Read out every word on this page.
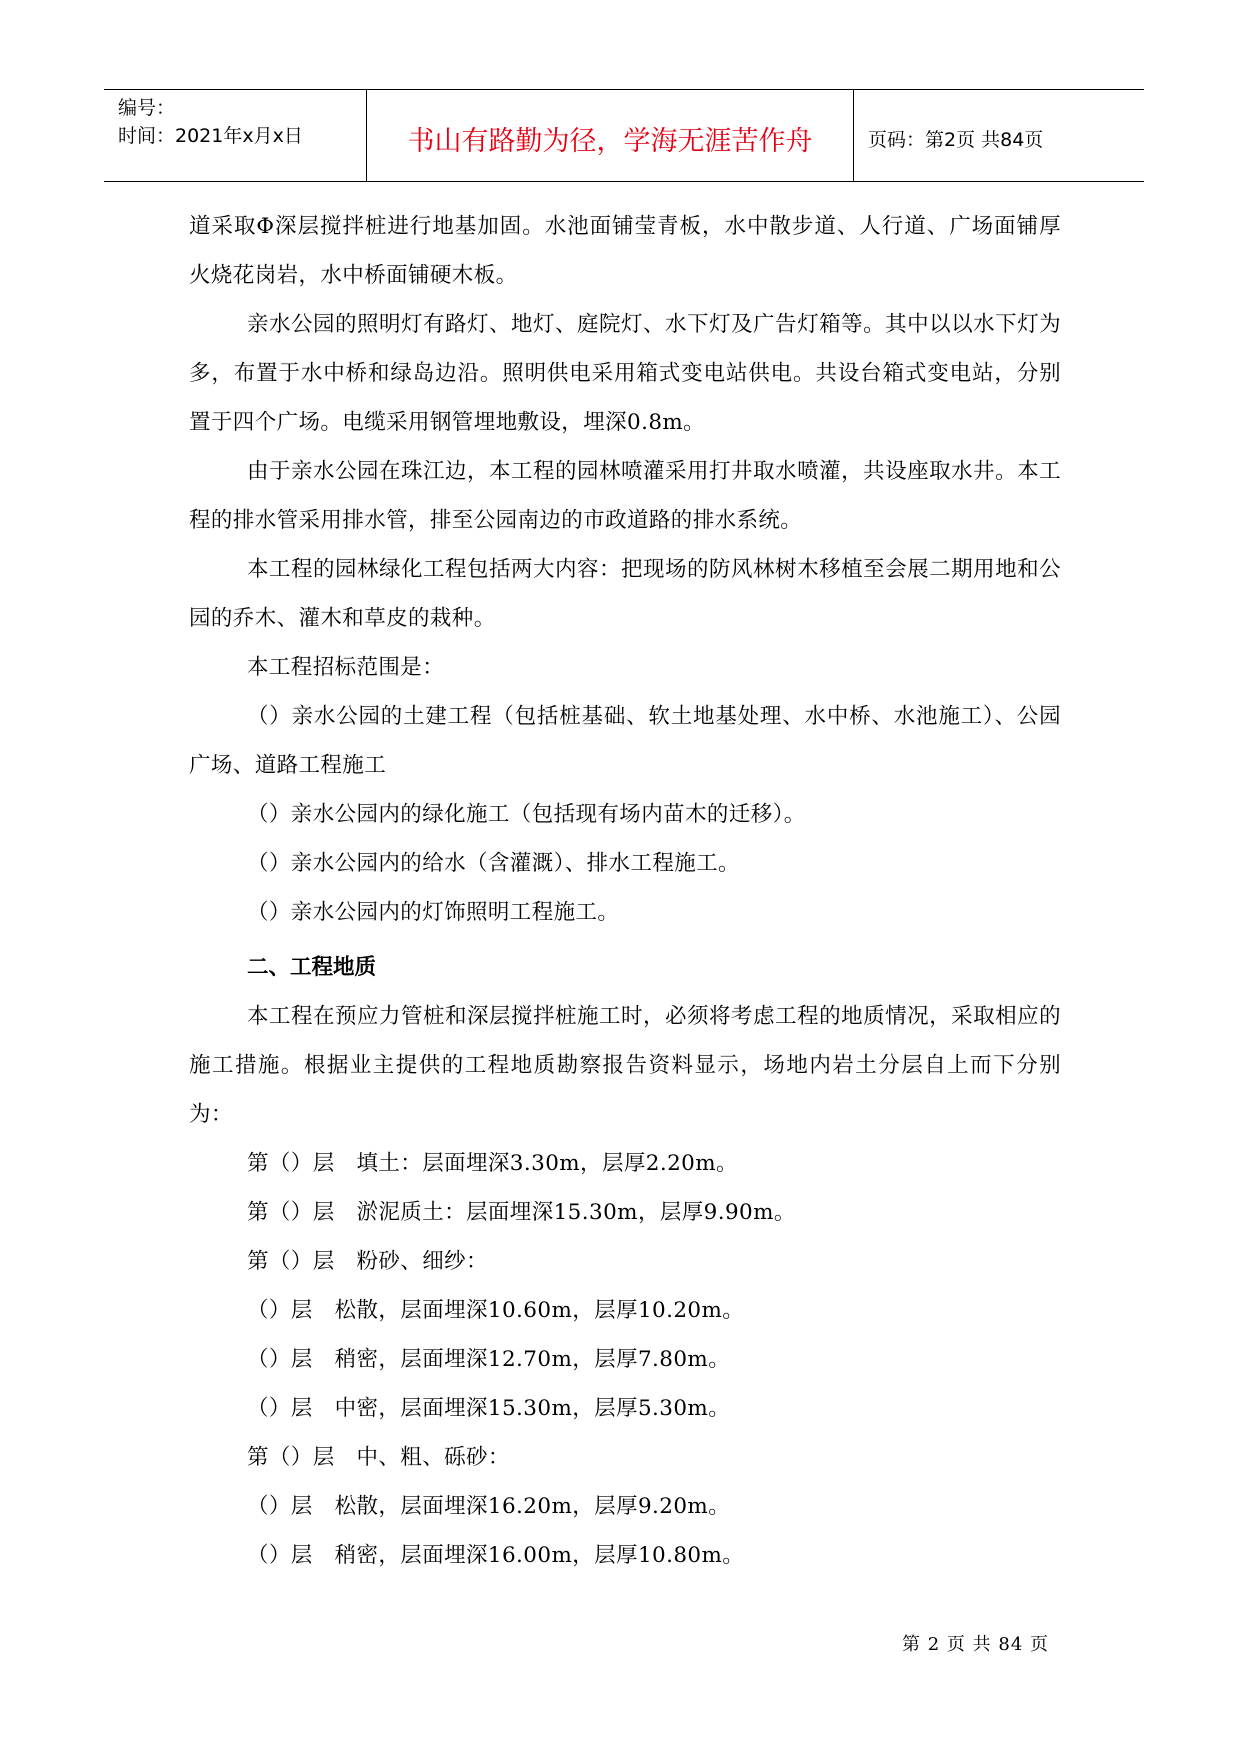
编号：
时间：2021年x月x日	书山有路勤为径，学海无涯苦作舟	页码：第2页 共84页

道采取Φ深层搅拌桩进行地基加固。水池面铺莹青板，水中散步道、人行道、广场面铺厚火烧花岗岩，水中桥面铺硬木板。

亲水公园的照明灯有路灯、地灯、庭院灯、水下灯及广告灯箱等。其中以以水下灯为多，布置于水中桥和绿岛边沿。照明供电采用箱式变电站供电。共设台箱式变电站，分别置于四个广场。电缆采用钢管埋地敷设，埋深0.8m。

由于亲水公园在珠江边，本工程的园林喷灌采用打井取水喷灌，共设座取水井。本工程的排水管采用排水管，排至公园南边的市政道路的排水系统。

本工程的园林绿化工程包括两大内容：把现场的防风林树木移植至会展二期用地和公园的乔木、灌木和草皮的栽种。

本工程招标范围是：

（）亲水公园的土建工程（包括桩基础、软土地基处理、水中桥、水池施工）、公园广场、道路工程施工

（）亲水公园内的绿化施工（包括现有场内苗木的迁移）。

（）亲水公园内的给水（含灌溉）、排水工程施工。

（）亲水公园内的灯饰照明工程施工。

二、工程地质

本工程在预应力管桩和深层搅拌桩施工时，必须将考虑工程的地质情况，采取相应的施工措施。根据业主提供的工程地质勘察报告资料显示，场地内岩土分层自上而下分别为：

第（）层　填土：层面埋深3.30m，层厚2.20m。

第（）层　淤泥质土：层面埋深15.30m，层厚9.90m。

第（）层　粉砂、细纱：

（）层　松散，层面埋深10.60m，层厚10.20m。

（）层　稍密，层面埋深12.70m，层厚7.80m。

（）层　中密，层面埋深15.30m，层厚5.30m。

第（）层　中、粗、砾砂：

（）层　松散，层面埋深16.20m，层厚9.20m。

（）层　稍密，层面埋深16.00m，层厚10.80m。

第 2 页 共 84 页
